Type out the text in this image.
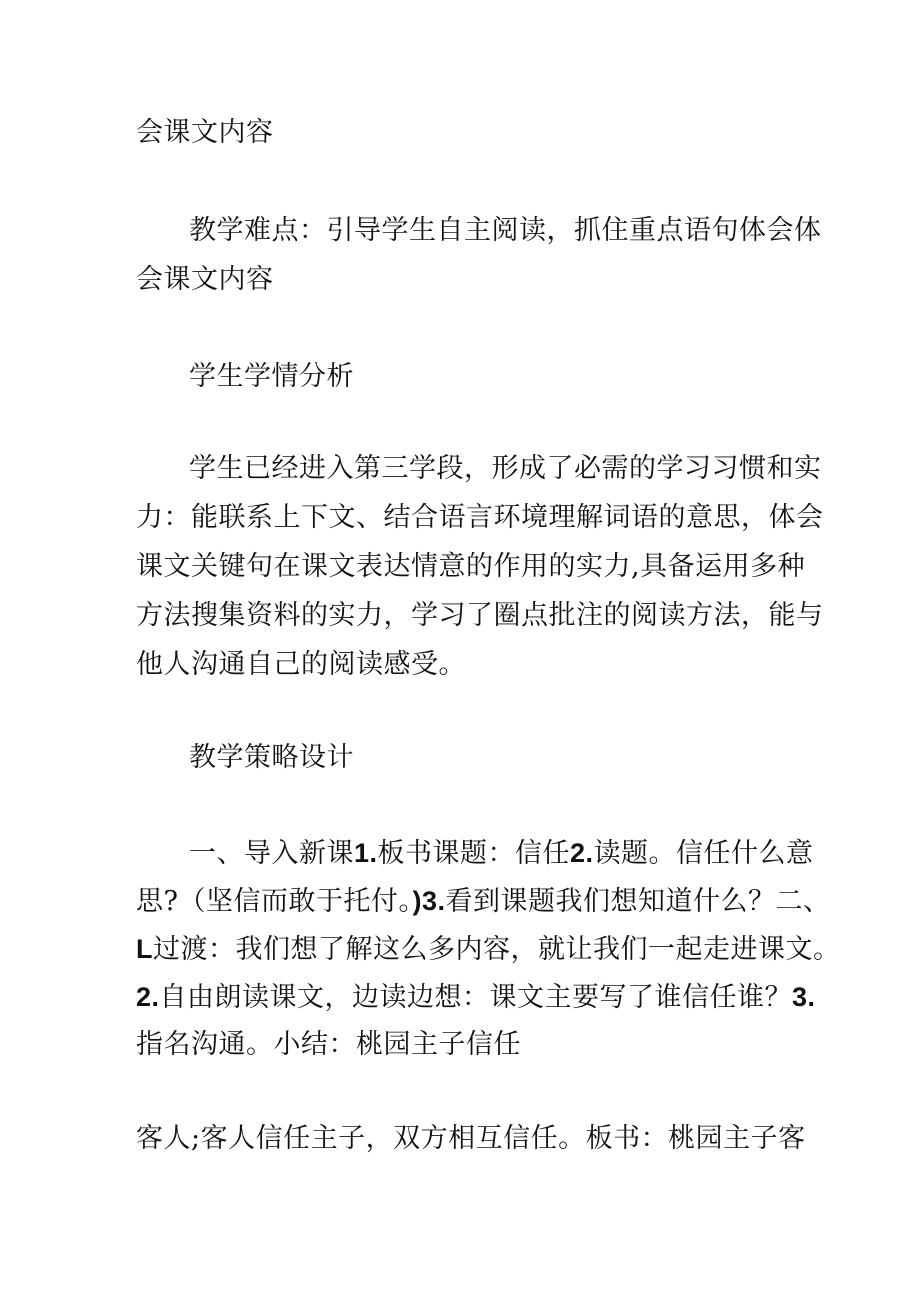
会课文内容
教学难点：引导学生自主阅读，抓住重点语句体会体
会课文内容
学生学情分析
学生已经进入第三学段，形成了必需的学习习惯和实
力：能联系上下文、结合语言环境理解词语的意思，体会
课文关键句在课文表达情意的作用的实力,具备运用多种
方法搜集资料的实力，学习了圈点批注的阅读方法，能与
他人沟通自己的阅读感受。
教学策略设计
一、导入新课1.板书课题：信任2.读题。信任什么意
思?（坚信而敢于托付。)3.看到课题我们想知道什么？二、
L过渡：我们想了解这么多内容，就让我们一起走进课文。
2.自由朗读课文，边读边想：课文主要写了谁信任谁？3.
指名沟通。小结：桃园主子信任
客人;客人信任主子，双方相互信任。板书：桃园主子客
